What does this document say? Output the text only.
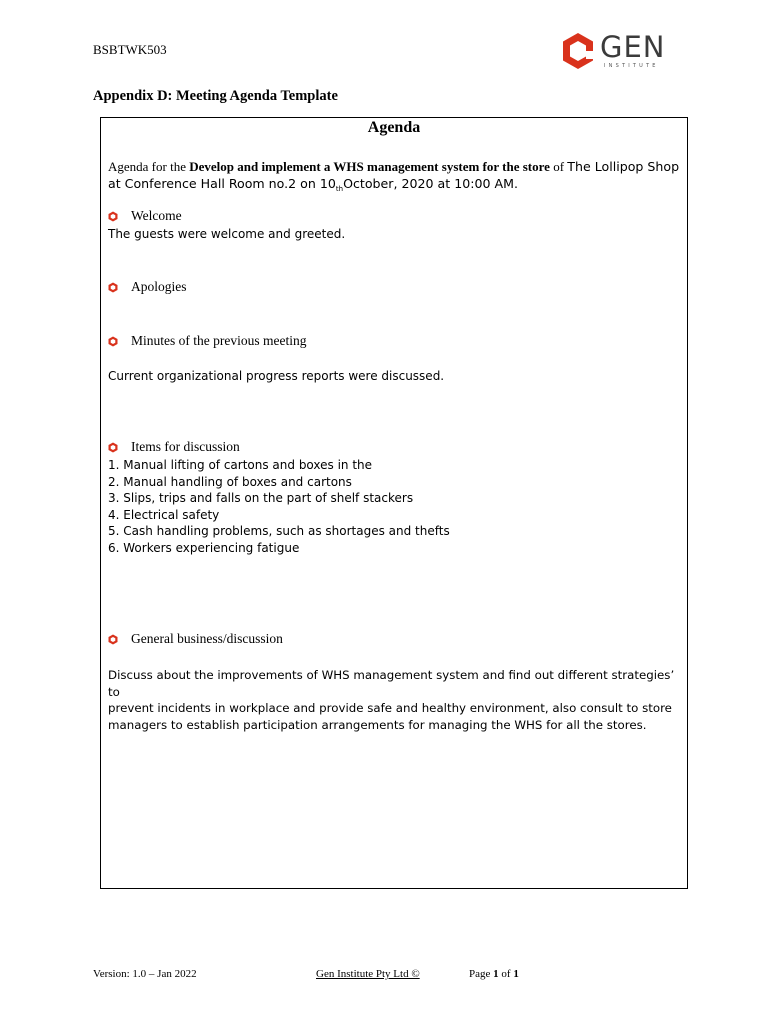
BSBTWK503	GEN
INSTITUTE
Appendix D: Meeting Agenda Template
Agenda
Agenda for the Develop and implement a WHS management system for the store of The Lollipop Shop at Conference Hall Room no.2 on $10_{th}October$, 2020 at 10:00 AM.
Welcome
The guests were welcome and greeted.
Apologies
Minutes of the previous meeting
Current organizational progress reports were discussed.
Items for discussion
1. Manual lifting of cartons and boxes in the
2. Manual handling of boxes and cartons
3. Slips, trips and falls on the part of shelf stackers
4. Electrical safety
5. Cash handling problems, such as shortages and thefts
6. Workers experiencing fatigue
General business/discussion
Discuss about the improvements of WHS management system and find out different strategies’ to
prevent incidents in workplace and provide safe and healthy environment, also consult to store
managers to establish participation arrangements for managing the WHS for all the stores.
Version: 1.0 – Jan 2022	Gen Institute Pty Ltd ©	Page 1 of 1
